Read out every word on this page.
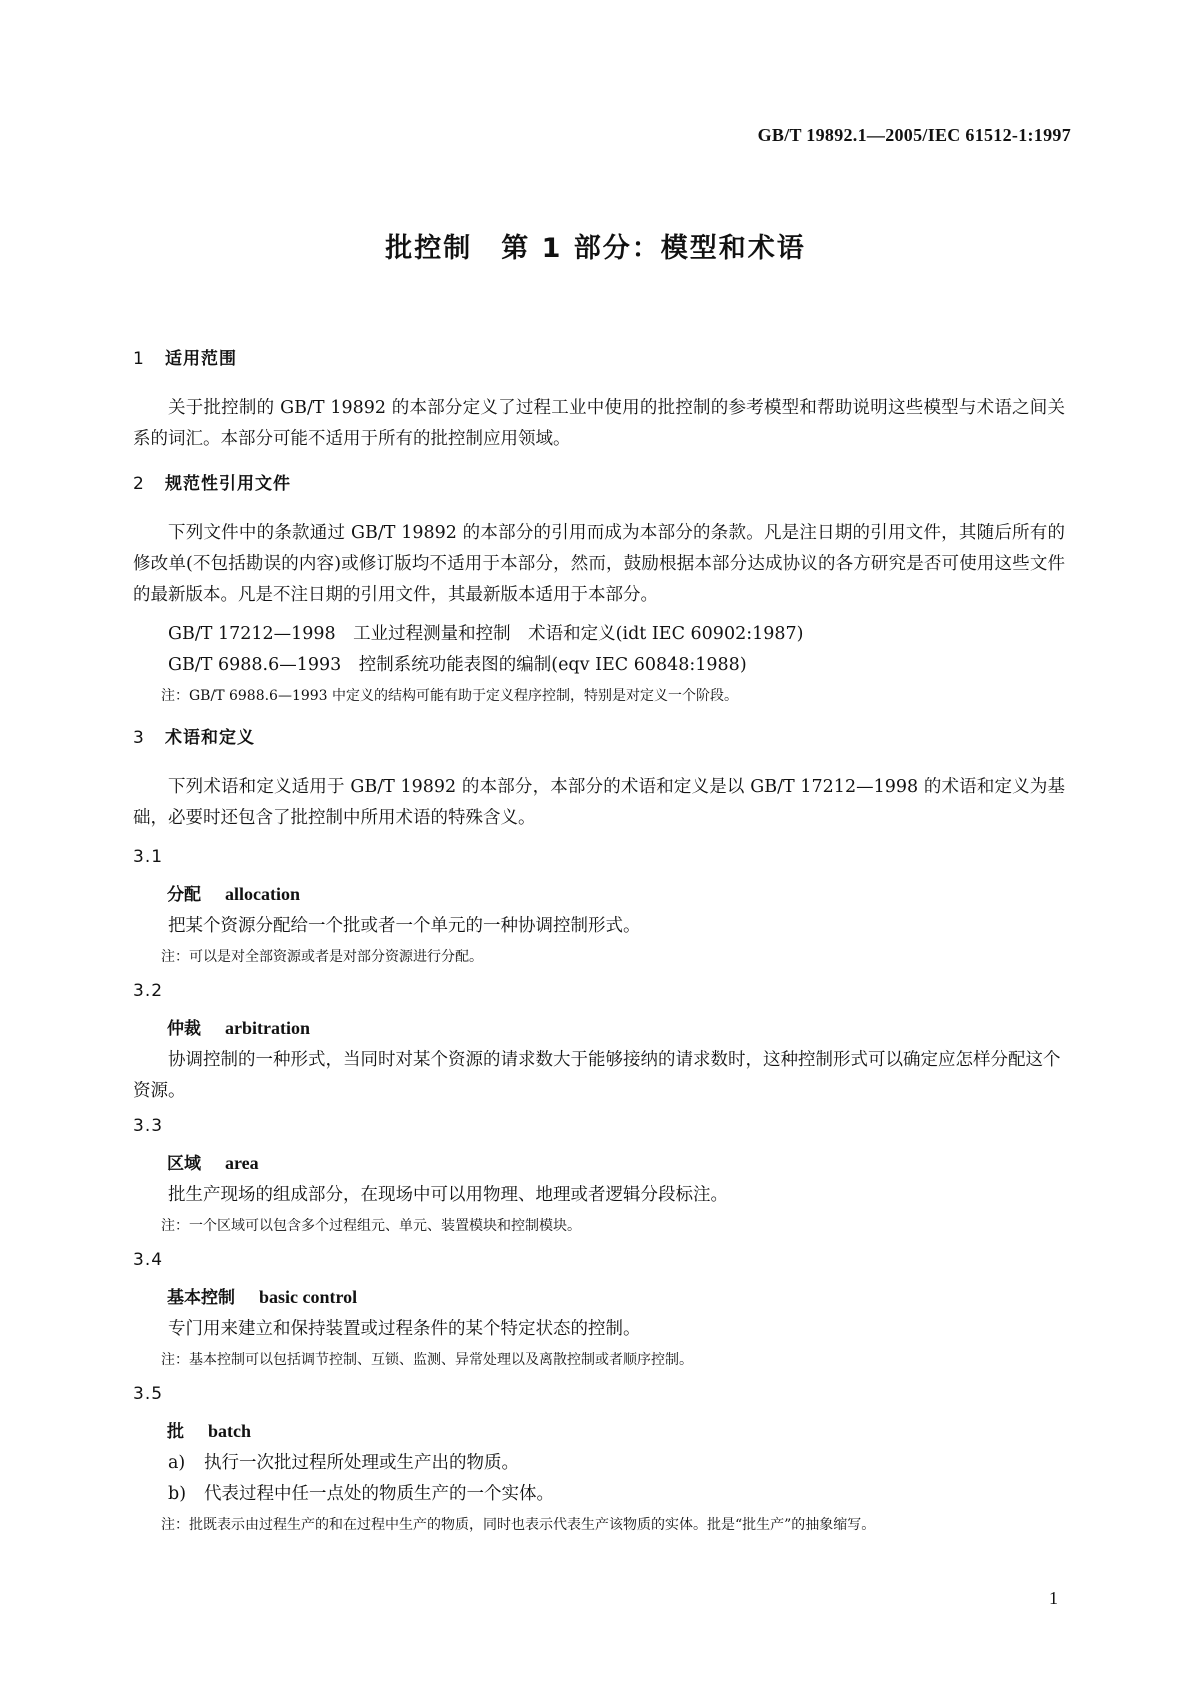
GB/T 19892.1—2005/IEC 61512-1:1997
批控制　第 1 部分：模型和术语
1 适用范围

关于批控制的 GB/T 19892 的本部分定义了过程工业中使用的批控制的参考模型和帮助说明这些模型与术语之间关系的词汇。本部分可能不适用于所有的批控制应用领域。

2 规范性引用文件

下列文件中的条款通过 GB/T 19892 的本部分的引用而成为本部分的条款。凡是注日期的引用文件，其随后所有的修改单(不包括勘误的内容)或修订版均不适用于本部分，然而，鼓励根据本部分达成协议的各方研究是否可使用这些文件的最新版本。凡是不注日期的引用文件，其最新版本适用于本部分。

GB/T 17212—1998　工业过程测量和控制　术语和定义(idt IEC 60902:1987)

GB/T 6988.6—1993　控制系统功能表图的编制(eqv IEC 60848:1988)

注：GB/T 6988.6—1993 中定义的结构可能有助于定义程序控制，特别是对定义一个阶段。

3 术语和定义

下列术语和定义适用于 GB/T 19892 的本部分，本部分的术语和定义是以 GB/T 17212—1998 的术语和定义为基础，必要时还包含了批控制中所用术语的特殊含义。

3.1

分配 allocation

把某个资源分配给一个批或者一个单元的一种协调控制形式。

注：可以是对全部资源或者是对部分资源进行分配。

3.2

仲裁 arbitration

协调控制的一种形式，当同时对某个资源的请求数大于能够接纳的请求数时，这种控制形式可以确定应怎样分配这个资源。

3.3

区域 area

批生产现场的组成部分，在现场中可以用物理、地理或者逻辑分段标注。

注：一个区域可以包含多个过程组元、单元、装置模块和控制模块。

3.4

基本控制 basic control

专门用来建立和保持装置或过程条件的某个特定状态的控制。

注：基本控制可以包括调节控制、互锁、监测、异常处理以及离散控制或者顺序控制。

3.5

批 batch

a) 执行一次批过程所处理或生产出的物质。

b) 代表过程中任一点处的物质生产的一个实体。

注：批既表示由过程生产的和在过程中生产的物质，同时也表示代表生产该物质的实体。批是“批生产”的抽象缩写。

1
